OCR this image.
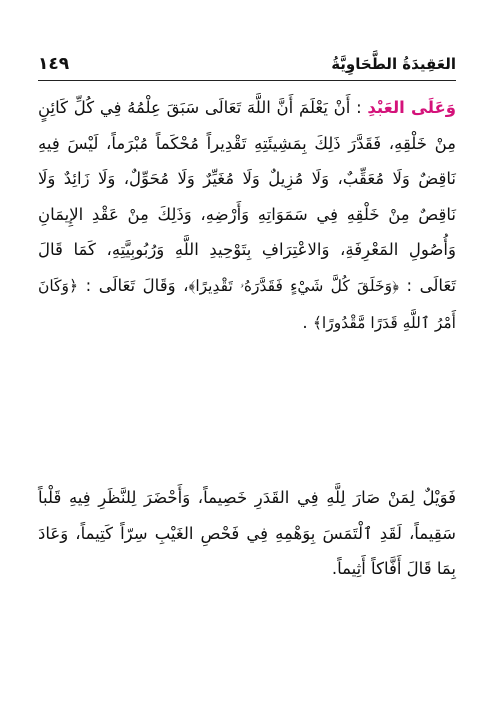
١٤٩	العَقِيدَةُ الطَّحَاوِيَّةُ
وَعَلَى العَبْدِ : أَنْ يَعْلَمَ أَنَّ اللَّهَ تَعَالَى سَبَقَ عِلْمُهُ فِي كُلِّ كَائِنٍ مِنْ خَلْقِهِ، فَقَدَّرَ ذَلِكَ بِمَشِيئَتِهِ تَقْدِيراً مُحْكَماً مُبْرَماً، لَيْسَ فِيهِ نَاقِضٌ وَلَا مُعَقِّبٌ، وَلَا مُزِيلٌ وَلَا مُغَيِّرٌ وَلَا مُحَوِّلٌ، وَلَا زَائِدٌ وَلَا نَاقِصٌ مِنْ خَلْقِهِ فِي سَمَوَاتِهِ وَأَرْضِهِ، وَذَلِكَ مِنْ عَقْدِ الإِيمَانِ وَأُصُولِ المَعْرِفَةِ، وَالاعْتِرَافِ بِتَوْحِيدِ اللَّهِ وَرُبُوبِيَّتِهِ، كَمَا قَالَ تَعَالَى : ﴿وَخَلَقَ كُلَّ شَيْءٍ فَقَدَّرَهُۥ تَقْدِيرًا﴾، وَقَالَ تَعَالَى : ﴿وَكَانَ أَمْرُ ٱللَّهِ قَدَرًا مَّقْدُورًا﴾ .
فَوَيْلٌ لِمَنْ صَارَ لِلَّهِ فِي القَدَرِ خَصِيماً، وَأَحْضَرَ لِلنَّظَرِ فِيهِ قَلْباً سَقِيماً، لَقَدِ ٱلْتَمَسَ بِوَهْمِهِ فِي فَحْصِ الغَيْبِ سِرّاً كَتِيماً، وَعَادَ بِمَا قَالَ أَفَّاكاً أَثِيماً.
